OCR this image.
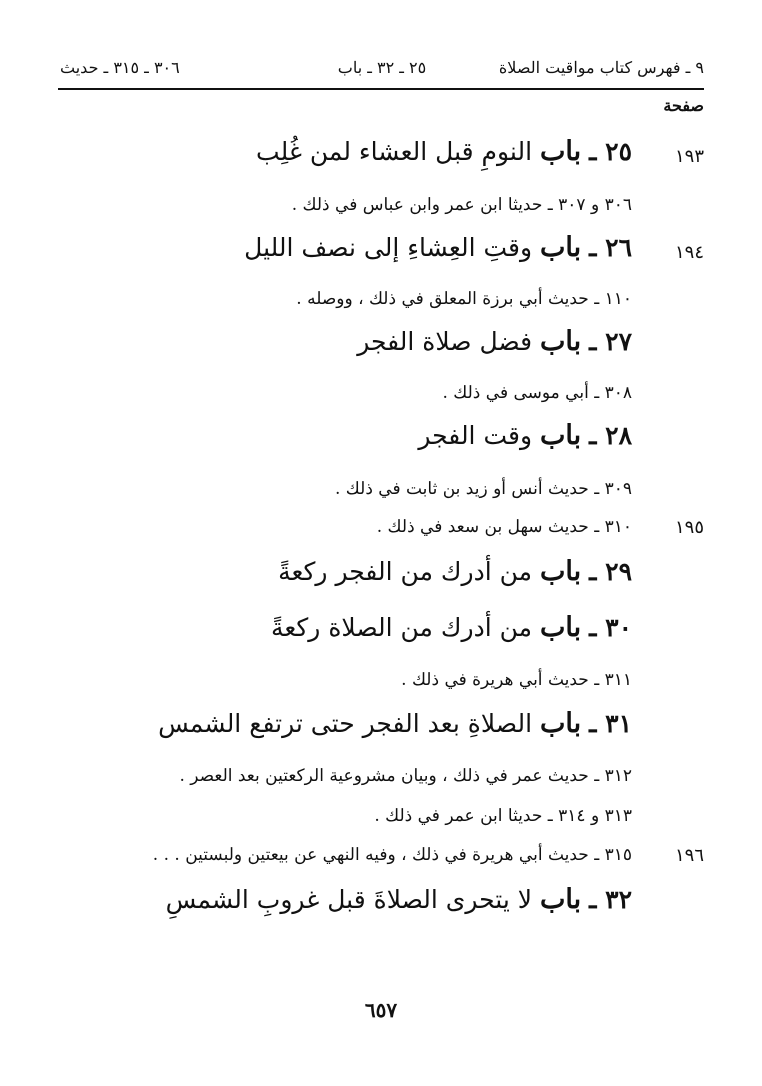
٩ ـ فهرس كتاب مواقيت الصلاة
٢٥ ـ ٣٢ ـ باب
٣٠٦ ـ ٣١٥ ـ حديث
صفحة
١٩٣
١٩٤
١٩٥
١٩٦
٢٥ ـ باب النومِ قبل العشاء لمن غُلِب
٣٠٦ و ٣٠٧ ـ حديثا ابن عمر وابن عباس في ذلك .
٢٦ ـ باب وقتِ العِشاءِ إلى نصف الليل
١١٠ ـ حديث أبي برزة المعلق في ذلك ، ووصله .
٢٧ ـ باب فضل صلاة الفجر
٣٠٨ ـ أبي موسى في ذلك .
٢٨ ـ باب وقت الفجر
٣٠٩ ـ حديث أنس أو زيد بن ثابت في ذلك .
٣١٠ ـ حديث سهل بن سعد في ذلك .
٢٩ ـ باب من أدرك من الفجر ركعةً
٣٠ ـ باب من أدرك من الصلاة ركعةً
٣١١ ـ حديث أبي هريرة في ذلك .
٣١ ـ باب الصلاةِ بعد الفجر حتى ترتفع الشمس
٣١٢ ـ حديث عمر في ذلك ، وبيان مشروعية الركعتين بعد العصر .
٣١٣ و ٣١٤ ـ حديثا ابن عمر في ذلك .
٣١٥ ـ حديث أبي هريرة في ذلك ، وفيه النهي عن بيعتين ولبستين . . .
٣٢ ـ باب لا يتحرى الصلاةَ قبل غروبِ الشمسِ
٦٥٧
